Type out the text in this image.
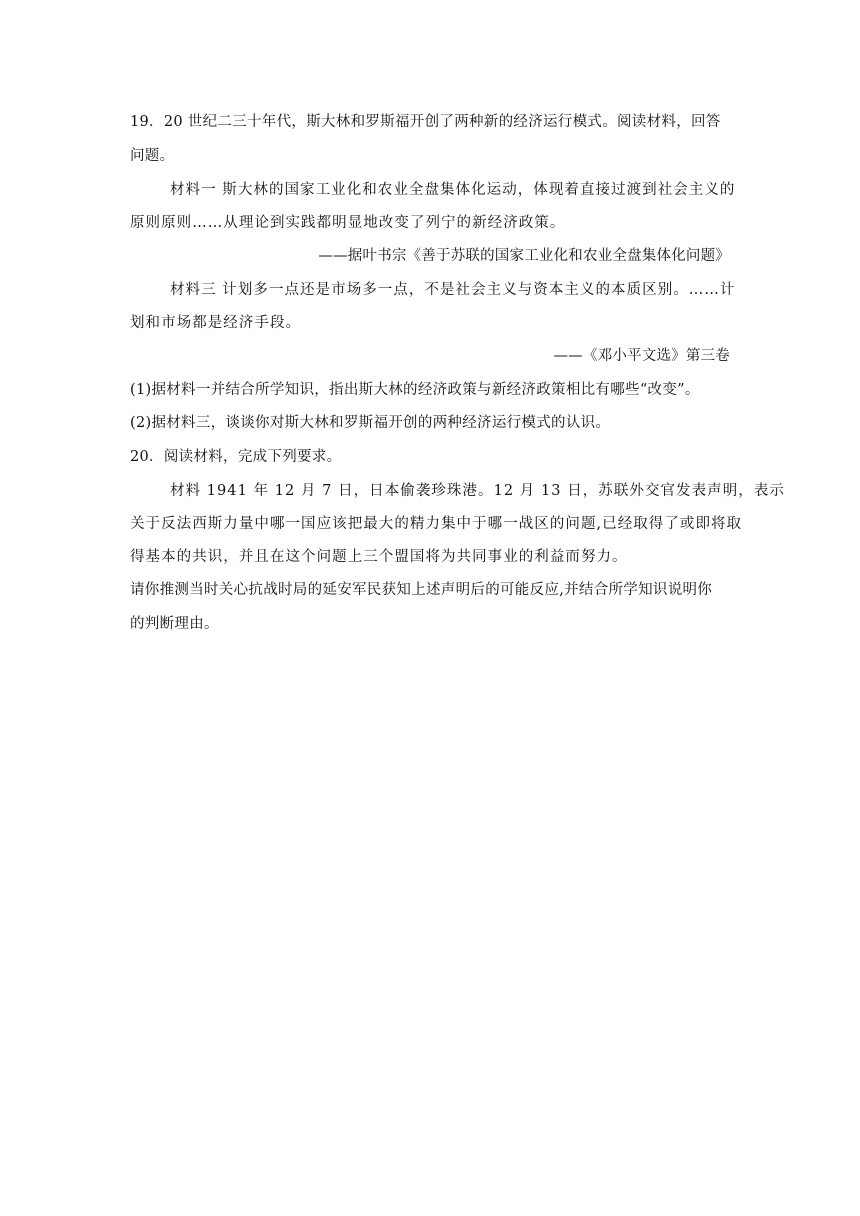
19．20 世纪二三十年代，斯大林和罗斯福开创了两种新的经济运行模式。阅读材料，回答
问题。
材料一 斯大林的国家工业化和农业全盘集体化运动，体现着直接过渡到社会主义的
原则原则……从理论到实践都明显地改变了列宁的新经济政策。
——据叶书宗《善于苏联的国家工业化和农业全盘集体化问题》
材料三 计划多一点还是市场多一点，不是社会主义与资本主义的本质区别。……计
划和市场都是经济手段。
——《邓小平文选》第三卷
(1)据材料一并结合所学知识，指出斯大林的经济政策与新经济政策相比有哪些“改变”。
(2)据材料三，谈谈你对斯大林和罗斯福开创的两种经济运行模式的认识。
20．阅读材料，完成下列要求。
材料 1941 年 12 月 7 日，日本偷袭珍珠港。12 月 13 日，苏联外交官发表声明，表示
关于反法西斯力量中哪一国应该把最大的精力集中于哪一战区的问题,已经取得了或即将取
得基本的共识，并且在这个问题上三个盟国将为共同事业的利益而努力。
请你推测当时关心抗战时局的延安军民获知上述声明后的可能反应,并结合所学知识说明你
的判断理由。
